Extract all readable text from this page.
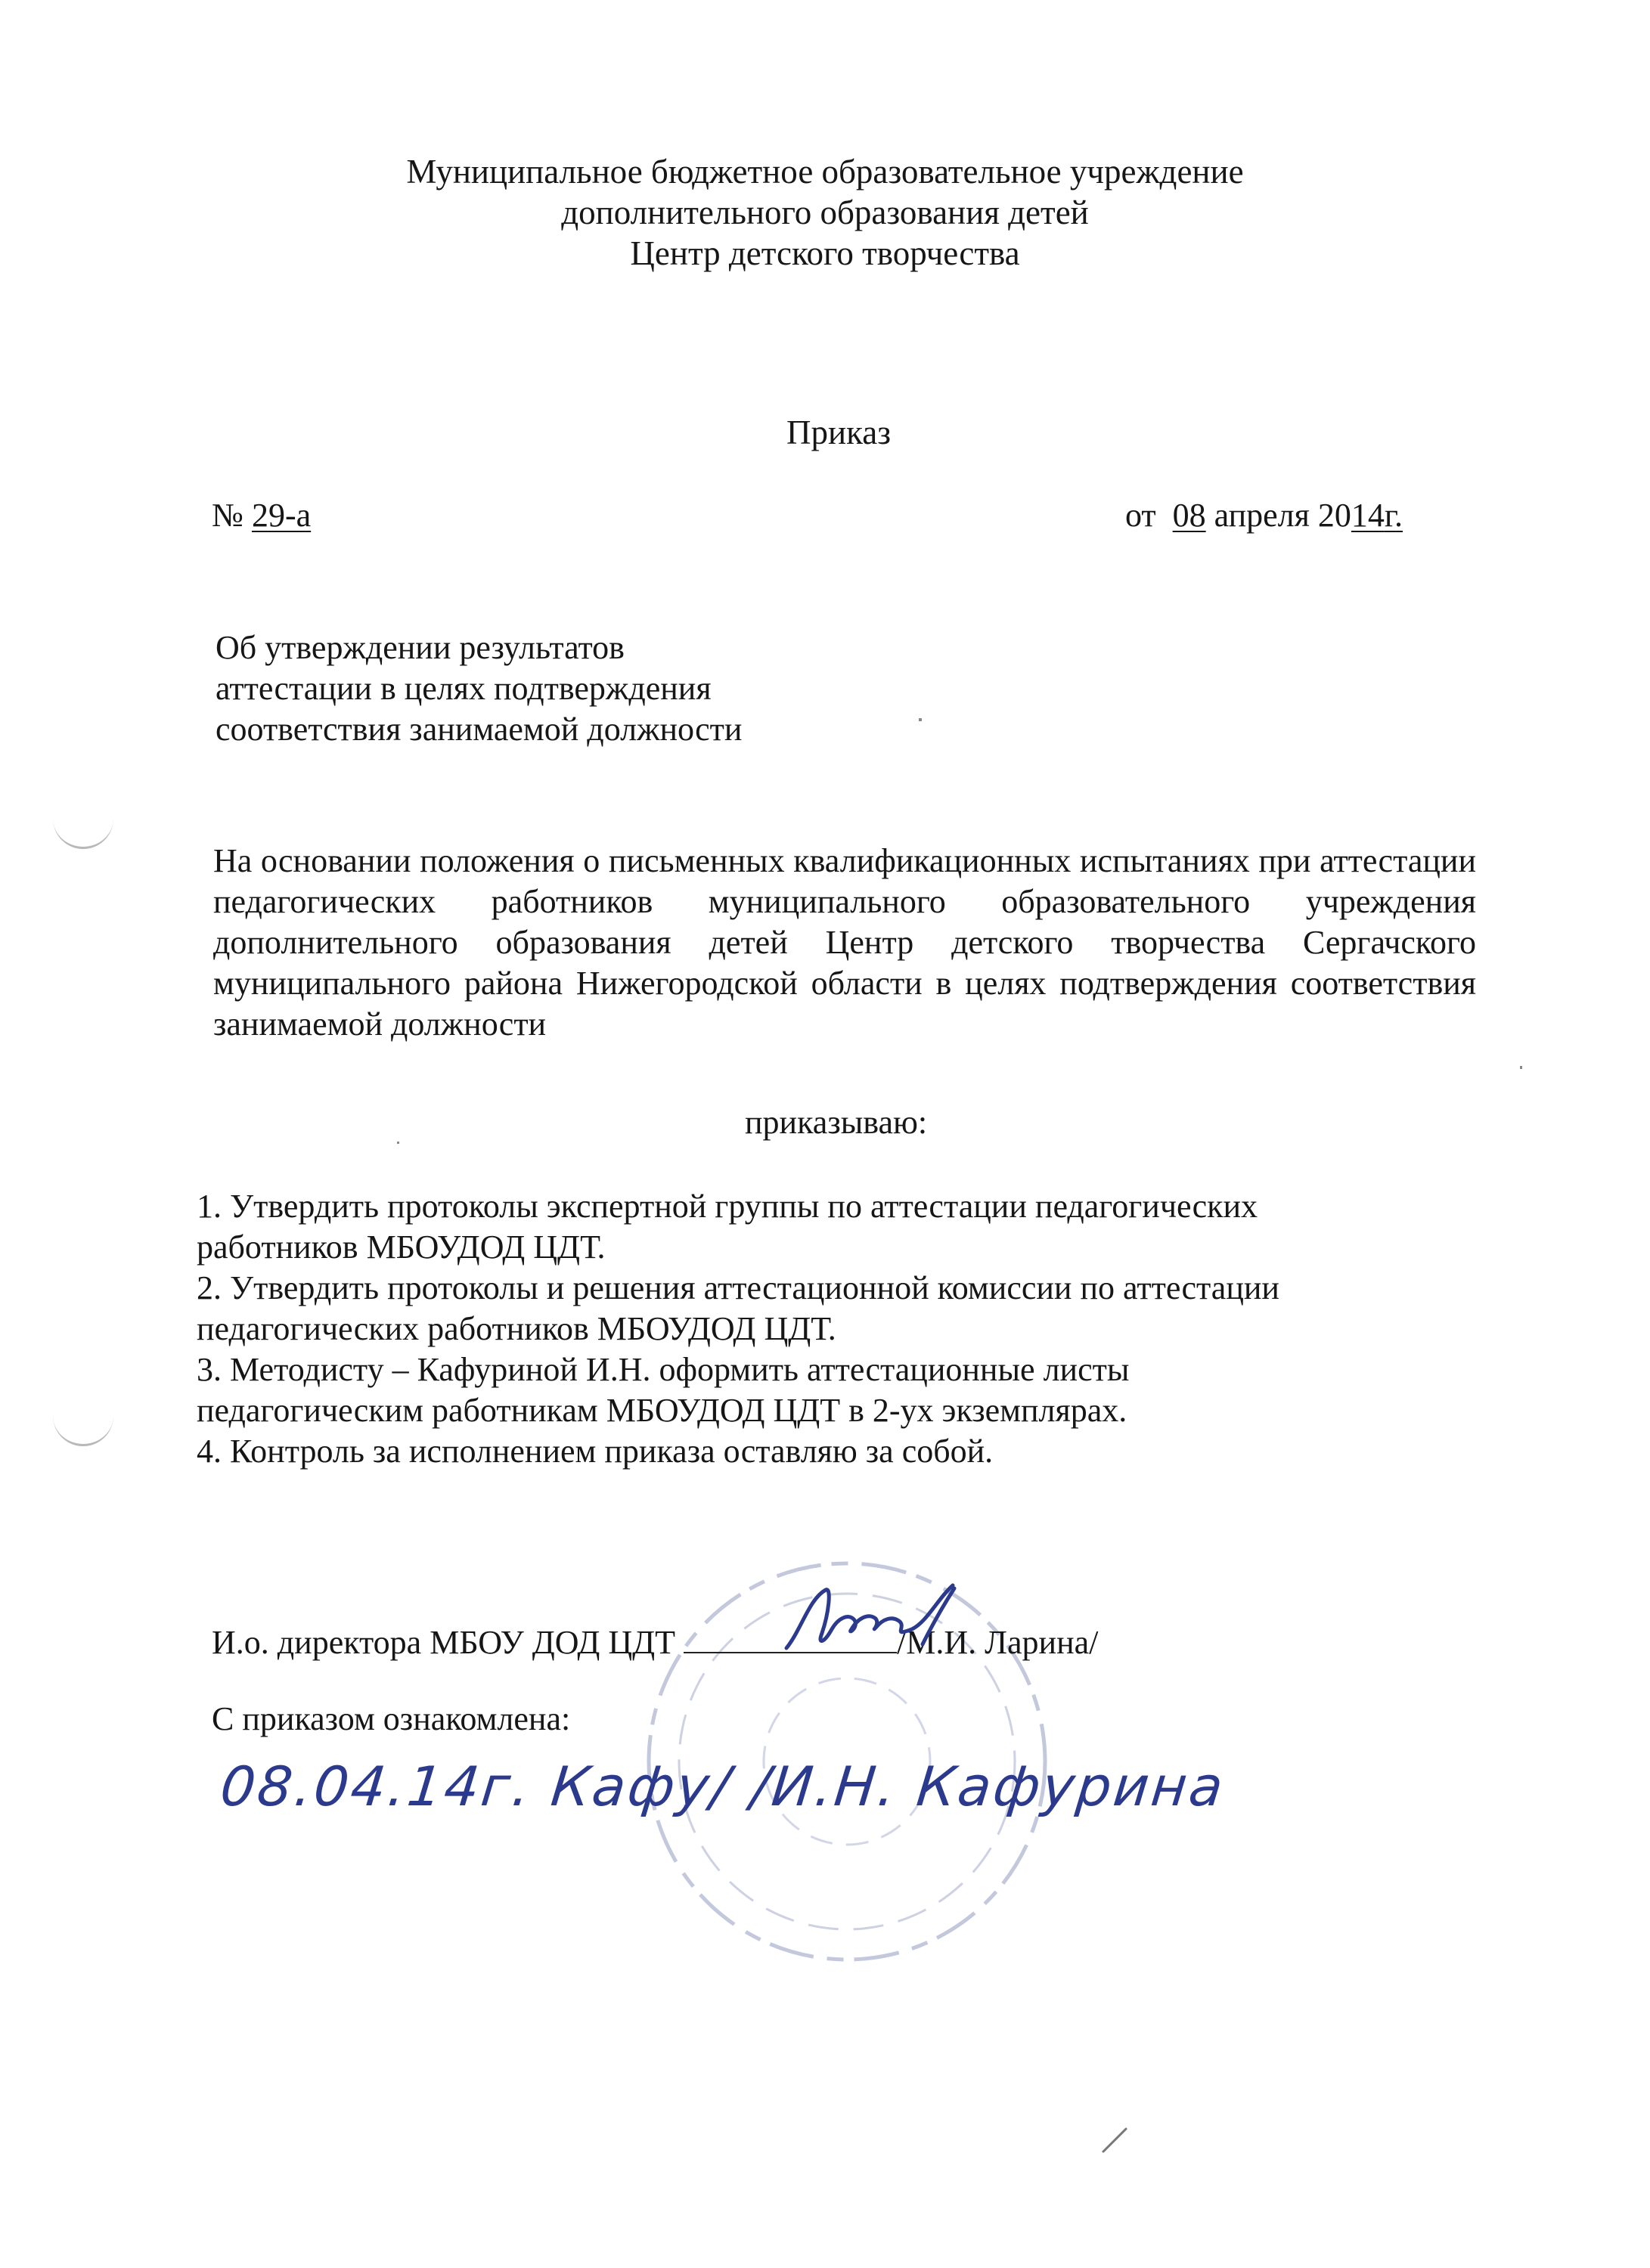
Муниципальное бюджетное образовательное учреждение
дополнительного образования детей
Центр детского творчества
Приказ
№ 29-а	от 08 апреля 2014г.
Об утверждении результатов
аттестации в целях подтверждения
соответствия занимаемой должности

На основании положения о письменных квалификационных испытаниях при аттестации педагогических работников муниципального образовательного учреждения дополнительного образования детей Центр детского творчества Сергачского муниципального района Нижегородской области в целях подтверждения соответствия занимаемой должности

приказываю:
1. Утвердить протоколы экспертной группы по аттестации педагогических
работников МБОУДОД ЦДТ.
2. Утвердить протоколы и решения аттестационной комиссии по аттестации
педагогических работников МБОУДОД ЦДТ.
3. Методисту – Кафуриной И.Н. оформить аттестационные листы
педагогическим работникам МБОУДОД ЦДТ в 2-ух экземплярах.
4. Контроль за исполнением приказа оставляю за собой.
И.о. директора МБОУ ДОД ЦДТ	/М.И. Ларина/
С приказом ознакомлена:
08.04.14г. Кафу/ /И.Н. Кафурина
